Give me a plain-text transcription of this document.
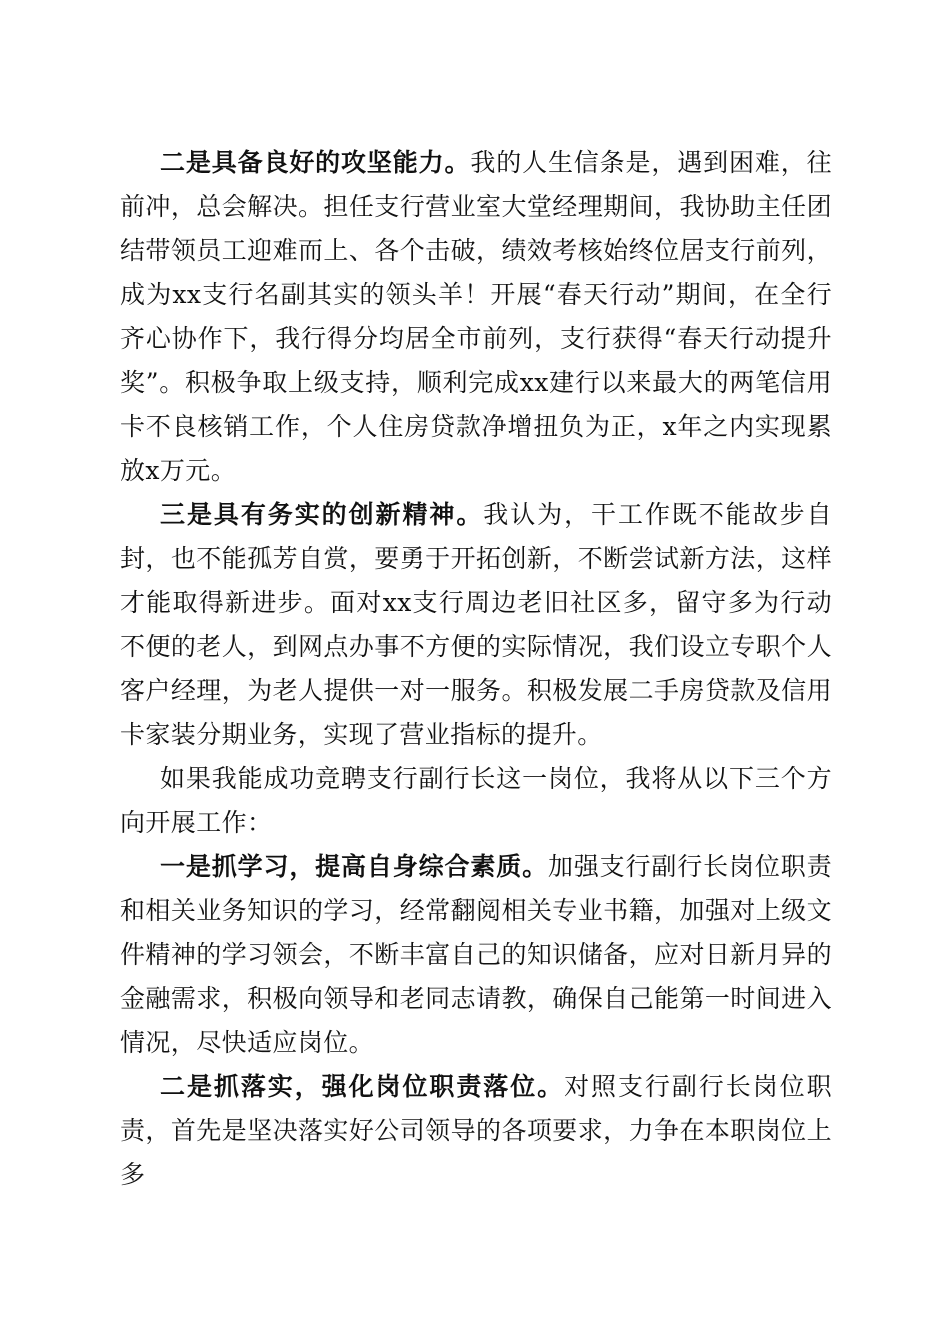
二是具备良好的攻坚能力。我的人生信条是，遇到困难，往前冲，总会解决。担任支行营业室大堂经理期间，我协助主任团结带领员工迎难而上、各个击破，绩效考核始终位居支行前列，成为xx支行名副其实的领头羊！开展“春天行动”期间，在全行齐心协作下，我行得分均居全市前列，支行获得“春天行动提升奖”。积极争取上级支持，顺利完成xx建行以来最大的两笔信用卡不良核销工作，个人住房贷款净增扭负为正，x年之内实现累放x万元。

三是具有务实的创新精神。我认为，干工作既不能故步自封，也不能孤芳自赏，要勇于开拓创新，不断尝试新方法，这样才能取得新进步。面对xx支行周边老旧社区多，留守多为行动不便的老人，到网点办事不方便的实际情况，我们设立专职个人客户经理，为老人提供一对一服务。积极发展二手房贷款及信用卡家装分期业务，实现了营业指标的提升。

如果我能成功竞聘支行副行长这一岗位，我将从以下三个方向开展工作：

一是抓学习，提高自身综合素质。加强支行副行长岗位职责和相关业务知识的学习，经常翻阅相关专业书籍，加强对上级文件精神的学习领会，不断丰富自己的知识储备，应对日新月异的金融需求，积极向领导和老同志请教，确保自己能第一时间进入情况，尽快适应岗位。

二是抓落实，强化岗位职责落位。对照支行副行长岗位职责，首先是坚决落实好公司领导的各项要求，力争在本职岗位上多
